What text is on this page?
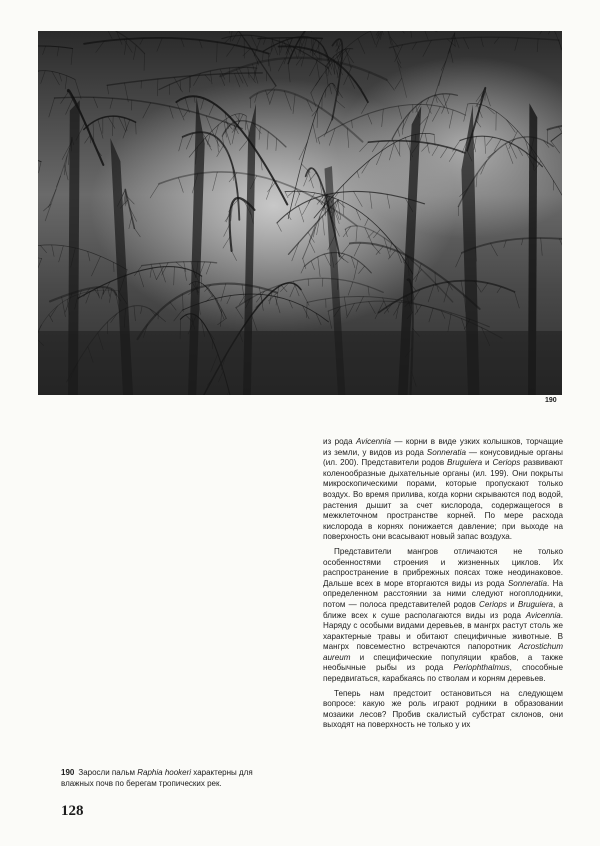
190

из рода Avicennia — корни в виде узких колышков, торчащие из земли, у видов из рода Sonneratia — конусовидные органы (ил. 200). Представители родов Bruguiera и Ceriops развивают коленообразные дыхательные органы (ил. 199). Они покрыты микроскопическими порами, которые пропускают только воздух. Во время прилива, когда корни скрываются под водой, растения дышит за счет кислорода, содержащегося в межклеточном пространстве корней. По мере расхода кислорода в корнях понижается давление; при выходе на поверхность они всасывают новый запас воздуха.

Представители мангров отличаются не только особенностями строения и жизненных циклов. Их распространение в прибрежных поясах тоже неодинаковое. Дальше всех в море вторгаются виды из рода Sonneratia. На определенном расстоянии за ними следуют ногоплодники, потом — полоса представителей родов Ceriops и Bruguiera, а ближе всех к суше располагаются виды из рода Avicennia. Наряду с особыми видами деревьев, в мангрх растут столь же характерные травы и обитают специфичные животные. В мангрх повсеместно встречаются папоротник Acrostichum aureum и специфические популяции крабов, а также необычные рыбы из рода Periophthalmus, способные передвигаться, карабкаясь по стволам и корням деревьев.

Теперь нам предстоит остановиться на следующем вопросе: какую же роль играют родники в образовании мозаики лесов? Пробив скалистый субстрат склонов, они выходят на поверхность не только у их

190 Заросли пальм Raphia hookeri характерны для влажных почв по берегам тропических рек.
128
